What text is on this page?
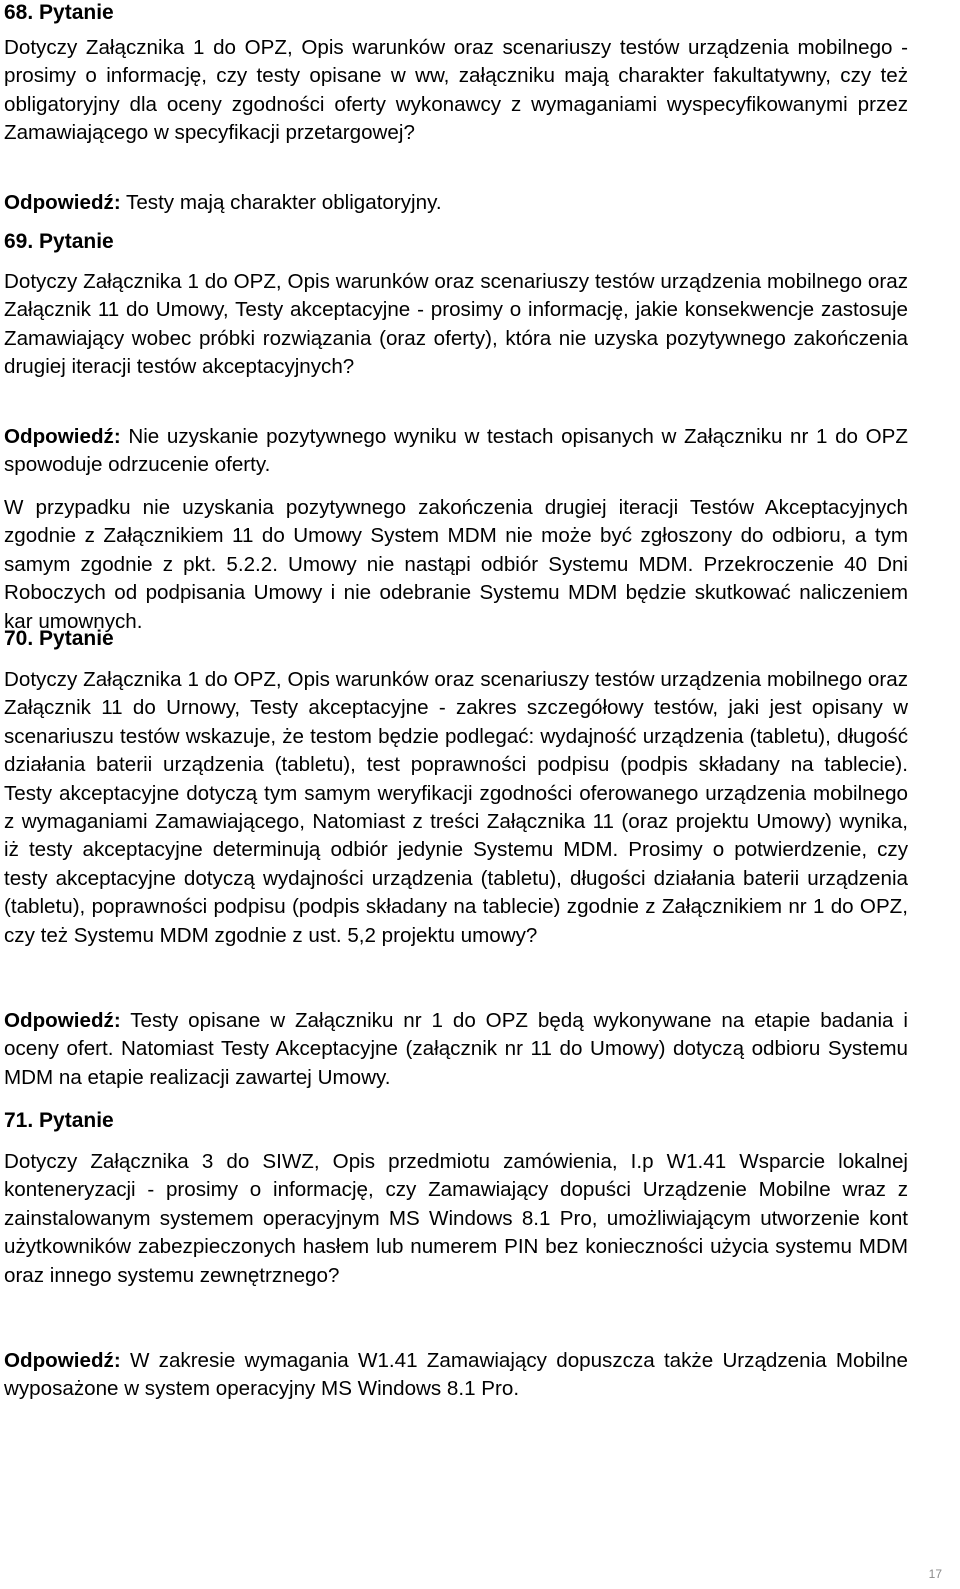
68. Pytanie

Dotyczy Załącznika 1 do OPZ, Opis warunków oraz scenariuszy testów urządzenia mobilnego - prosimy o informację, czy testy opisane w ww, załączniku mają charakter fakultatywny, czy też obligatoryjny dla oceny zgodności oferty wykonawcy z wymaganiami wyspecyfikowanymi przez Zamawiającego w specyfikacji przetargowej?

Odpowiedź: Testy mają charakter obligatoryjny.

69. Pytanie

Dotyczy Załącznika 1 do OPZ, Opis warunków oraz scenariuszy testów urządzenia mobilnego oraz Załącznik 11 do Umowy, Testy akceptacyjne - prosimy o informację, jakie konsekwencje zastosuje Zamawiający wobec próbki rozwiązania (oraz oferty), która nie uzyska pozytywnego zakończenia drugiej iteracji testów akceptacyjnych?

Odpowiedź: Nie uzyskanie pozytywnego wyniku w testach opisanych w Załączniku nr 1 do OPZ spowoduje odrzucenie oferty.

W przypadku nie uzyskania pozytywnego zakończenia drugiej iteracji Testów Akceptacyjnych zgodnie z Załącznikiem 11 do Umowy System MDM nie może być zgłoszony do odbioru, a tym samym zgodnie z pkt. 5.2.2. Umowy nie nastąpi odbiór Systemu MDM. Przekroczenie 40 Dni Roboczych od podpisania Umowy i nie odebranie Systemu MDM będzie skutkować naliczeniem kar umownych.

70. Pytanie

Dotyczy Załącznika 1 do OPZ, Opis warunków oraz scenariuszy testów urządzenia mobilnego oraz Załącznik 11 do Urnowy, Testy akceptacyjne - zakres szczegółowy testów, jaki jest opisany w scenariuszu testów wskazuje, że testom będzie podlegać: wydajność urządzenia (tabletu), długość działania baterii urządzenia (tabletu), test poprawności podpisu (podpis składany na tablecie). Testy akceptacyjne dotyczą tym samym weryfikacji zgodności oferowanego urządzenia mobilnego z wymaganiami Zamawiającego, Natomiast z treści Załącznika 11 (oraz projektu Umowy) wynika, iż testy akceptacyjne determinują odbiór jedynie Systemu MDM. Prosimy o potwierdzenie, czy testy akceptacyjne dotyczą wydajności urządzenia (tabletu), długości działania baterii urządzenia (tabletu), poprawności podpisu (podpis składany na tablecie) zgodnie z Załącznikiem nr 1 do OPZ, czy też Systemu MDM zgodnie z ust. 5,2 projektu umowy?

Odpowiedź: Testy opisane w Załączniku nr 1 do OPZ będą wykonywane na etapie badania i oceny ofert. Natomiast Testy Akceptacyjne (załącznik nr 11 do Umowy) dotyczą odbioru Systemu MDM na etapie realizacji zawartej Umowy.

71. Pytanie

Dotyczy Załącznika 3 do SIWZ, Opis przedmiotu zamówienia, I.p W1.41 Wsparcie lokalnej konteneryzacji - prosimy o informację, czy Zamawiający dopuści Urządzenie Mobilne wraz z zainstalowanym systemem operacyjnym MS Windows 8.1 Pro, umożliwiającym utworzenie kont użytkowników zabezpieczonych hasłem lub numerem PIN bez konieczności użycia systemu MDM oraz innego systemu zewnętrznego?

Odpowiedź: W zakresie wymagania W1.41 Zamawiający dopuszcza także Urządzenia Mobilne wyposażone w system operacyjny MS Windows 8.1 Pro.

17
